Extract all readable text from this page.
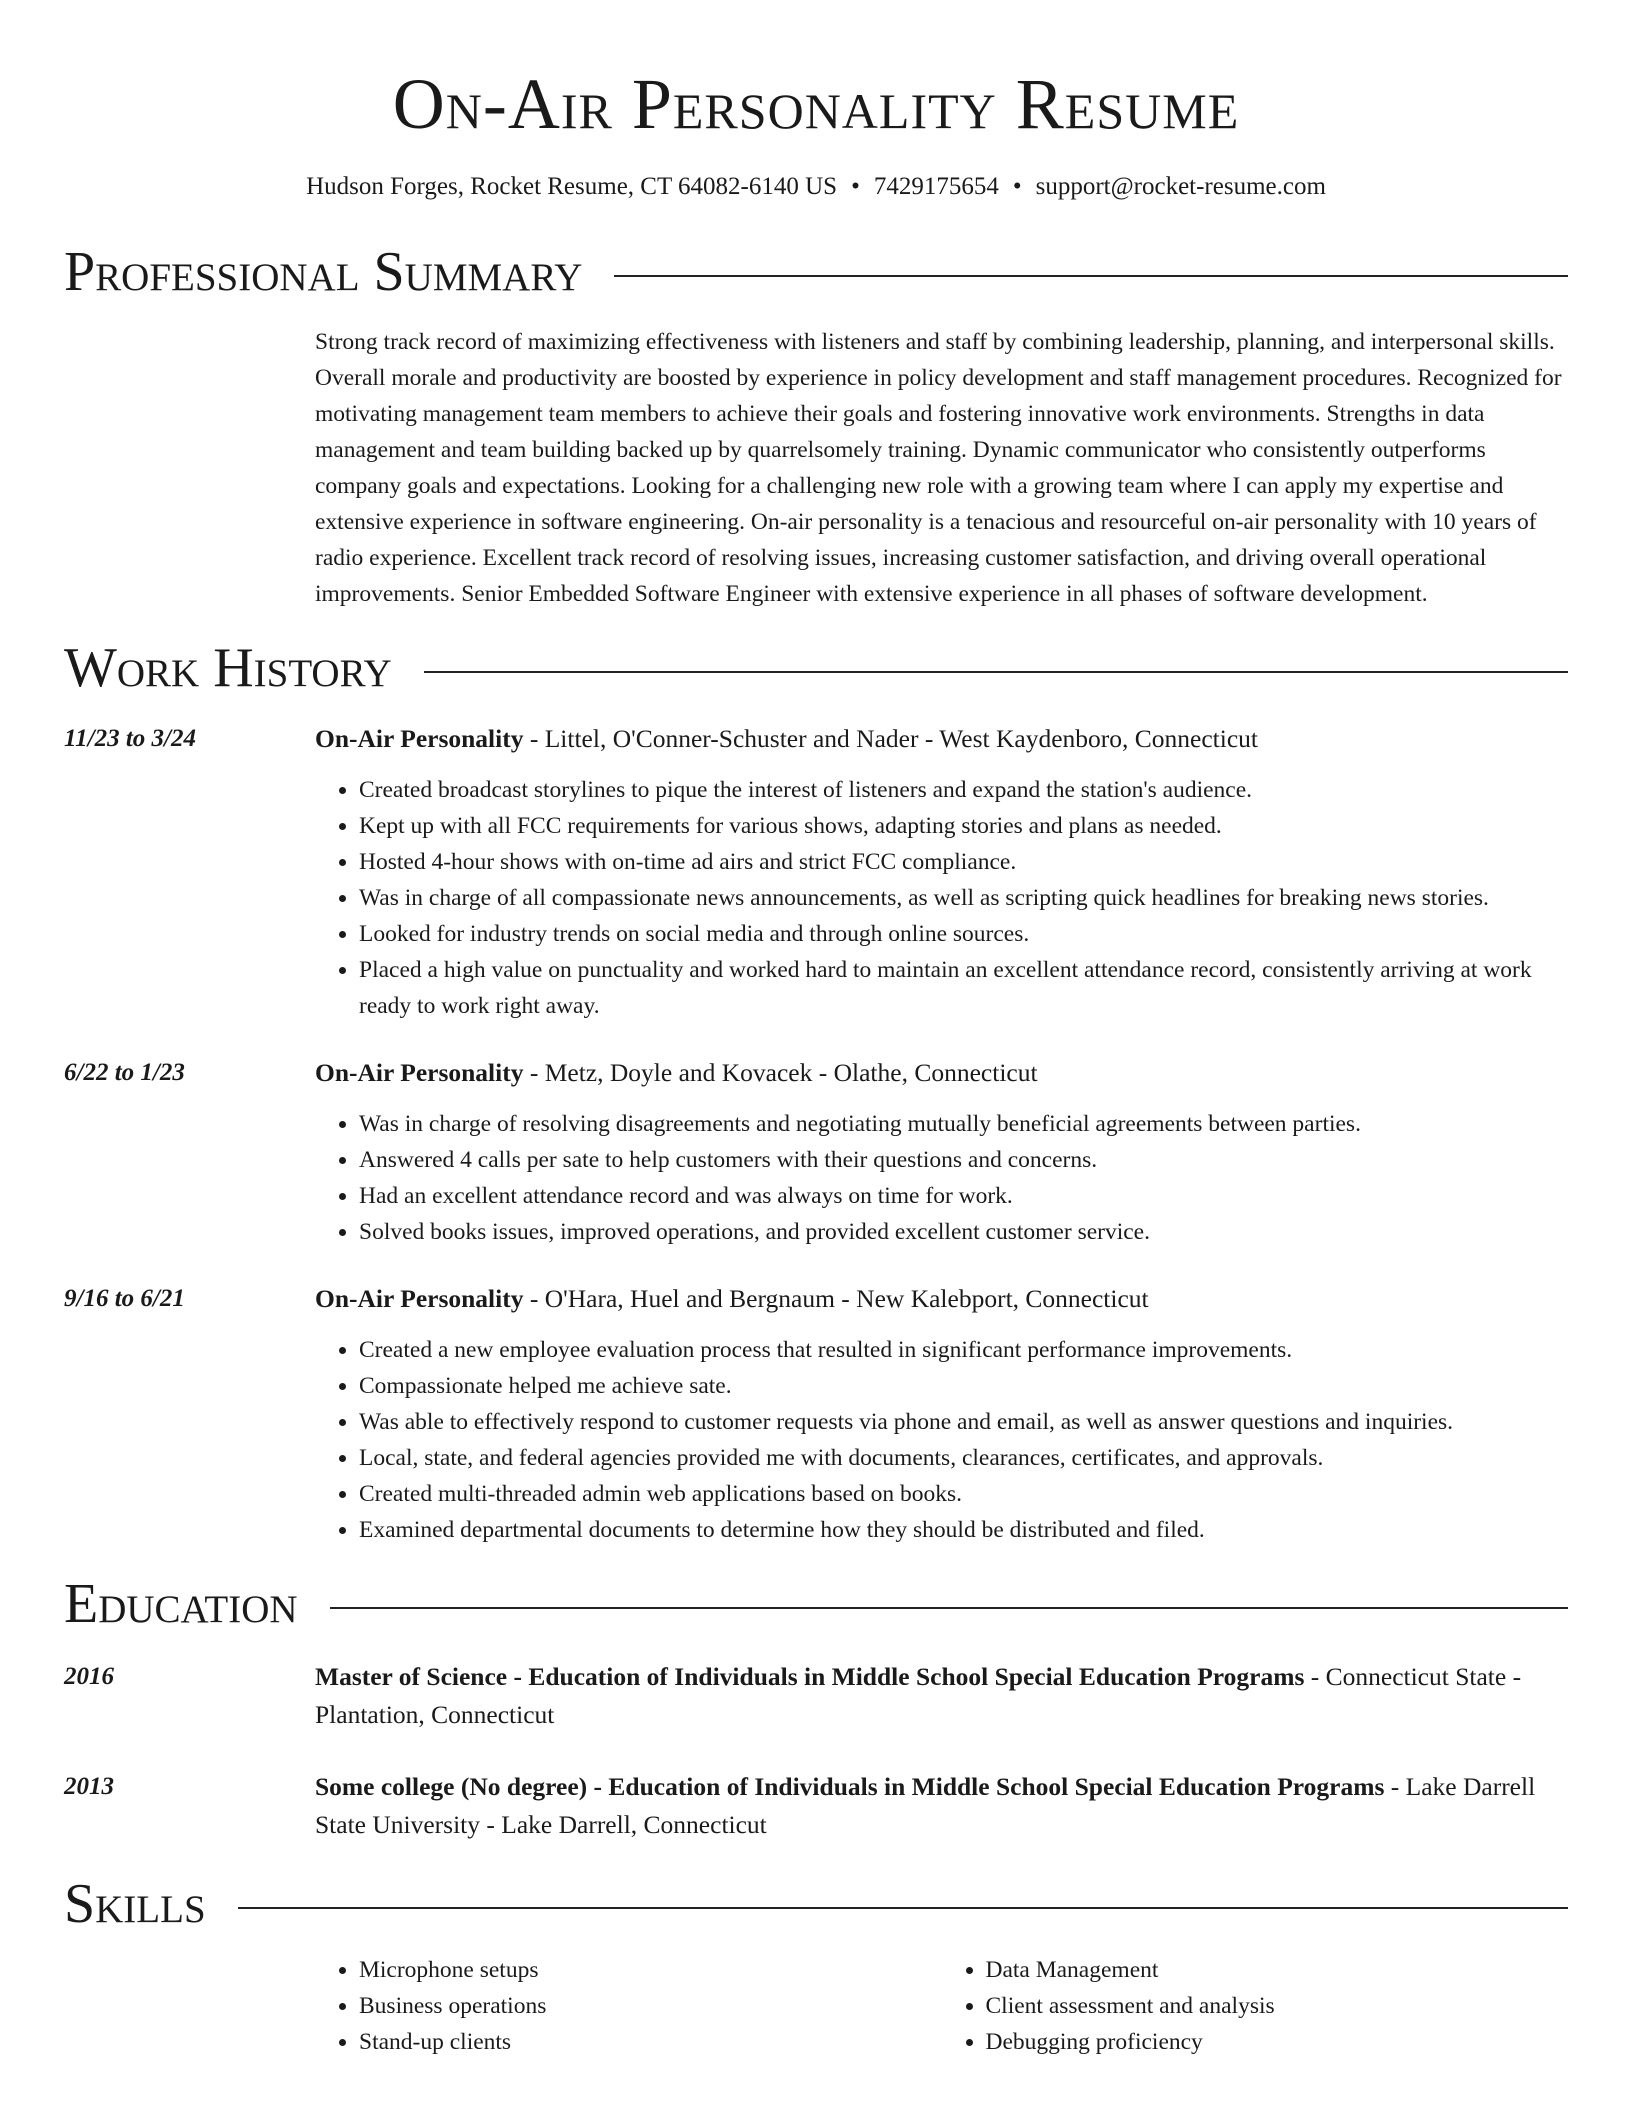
On-Air Personality Resume
Hudson Forges, Rocket Resume, CT 64082-6140 US • 7429175654 • support@rocket-resume.com
Professional Summary
Strong track record of maximizing effectiveness with listeners and staff by combining leadership, planning, and interpersonal skills. Overall morale and productivity are boosted by experience in policy development and staff management procedures. Recognized for motivating management team members to achieve their goals and fostering innovative work environments. Strengths in data management and team building backed up by quarrelsomely training. Dynamic communicator who consistently outperforms company goals and expectations. Looking for a challenging new role with a growing team where I can apply my expertise and extensive experience in software engineering. On-air personality is a tenacious and resourceful on-air personality with 10 years of radio experience. Excellent track record of resolving issues, increasing customer satisfaction, and driving overall operational improvements. Senior Embedded Software Engineer with extensive experience in all phases of software development.
Work History
11/23 to 3/24	On-Air Personality - Littel, O'Conner-Schuster and Nader - West Kaydenboro, Connecticut
• Created broadcast storylines to pique the interest of listeners and expand the station's audience.
• Kept up with all FCC requirements for various shows, adapting stories and plans as needed.
• Hosted 4-hour shows with on-time ad airs and strict FCC compliance.
• Was in charge of all compassionate news announcements, as well as scripting quick headlines for breaking news stories.
• Looked for industry trends on social media and through online sources.
• Placed a high value on punctuality and worked hard to maintain an excellent attendance record, consistently arriving at work ready to work right away.
6/22 to 1/23	On-Air Personality - Metz, Doyle and Kovacek - Olathe, Connecticut
• Was in charge of resolving disagreements and negotiating mutually beneficial agreements between parties.
• Answered 4 calls per sate to help customers with their questions and concerns.
• Had an excellent attendance record and was always on time for work.
• Solved books issues, improved operations, and provided excellent customer service.
9/16 to 6/21	On-Air Personality - O'Hara, Huel and Bergnaum - New Kalebport, Connecticut
• Created a new employee evaluation process that resulted in significant performance improvements.
• Compassionate helped me achieve sate.
• Was able to effectively respond to customer requests via phone and email, as well as answer questions and inquiries.
• Local, state, and federal agencies provided me with documents, clearances, certificates, and approvals.
• Created multi-threaded admin web applications based on books.
• Examined departmental documents to determine how they should be distributed and filed.
Education
2016	Master of Science - Education of Individuals in Middle School Special Education Programs - Connecticut State - Plantation, Connecticut
2013	Some college (No degree) - Education of Individuals in Middle School Special Education Programs - Lake Darrell State University - Lake Darrell, Connecticut
Skills
• Microphone setups
• Business operations
• Stand-up clients
• Data Management
• Client assessment and analysis
• Debugging proficiency
